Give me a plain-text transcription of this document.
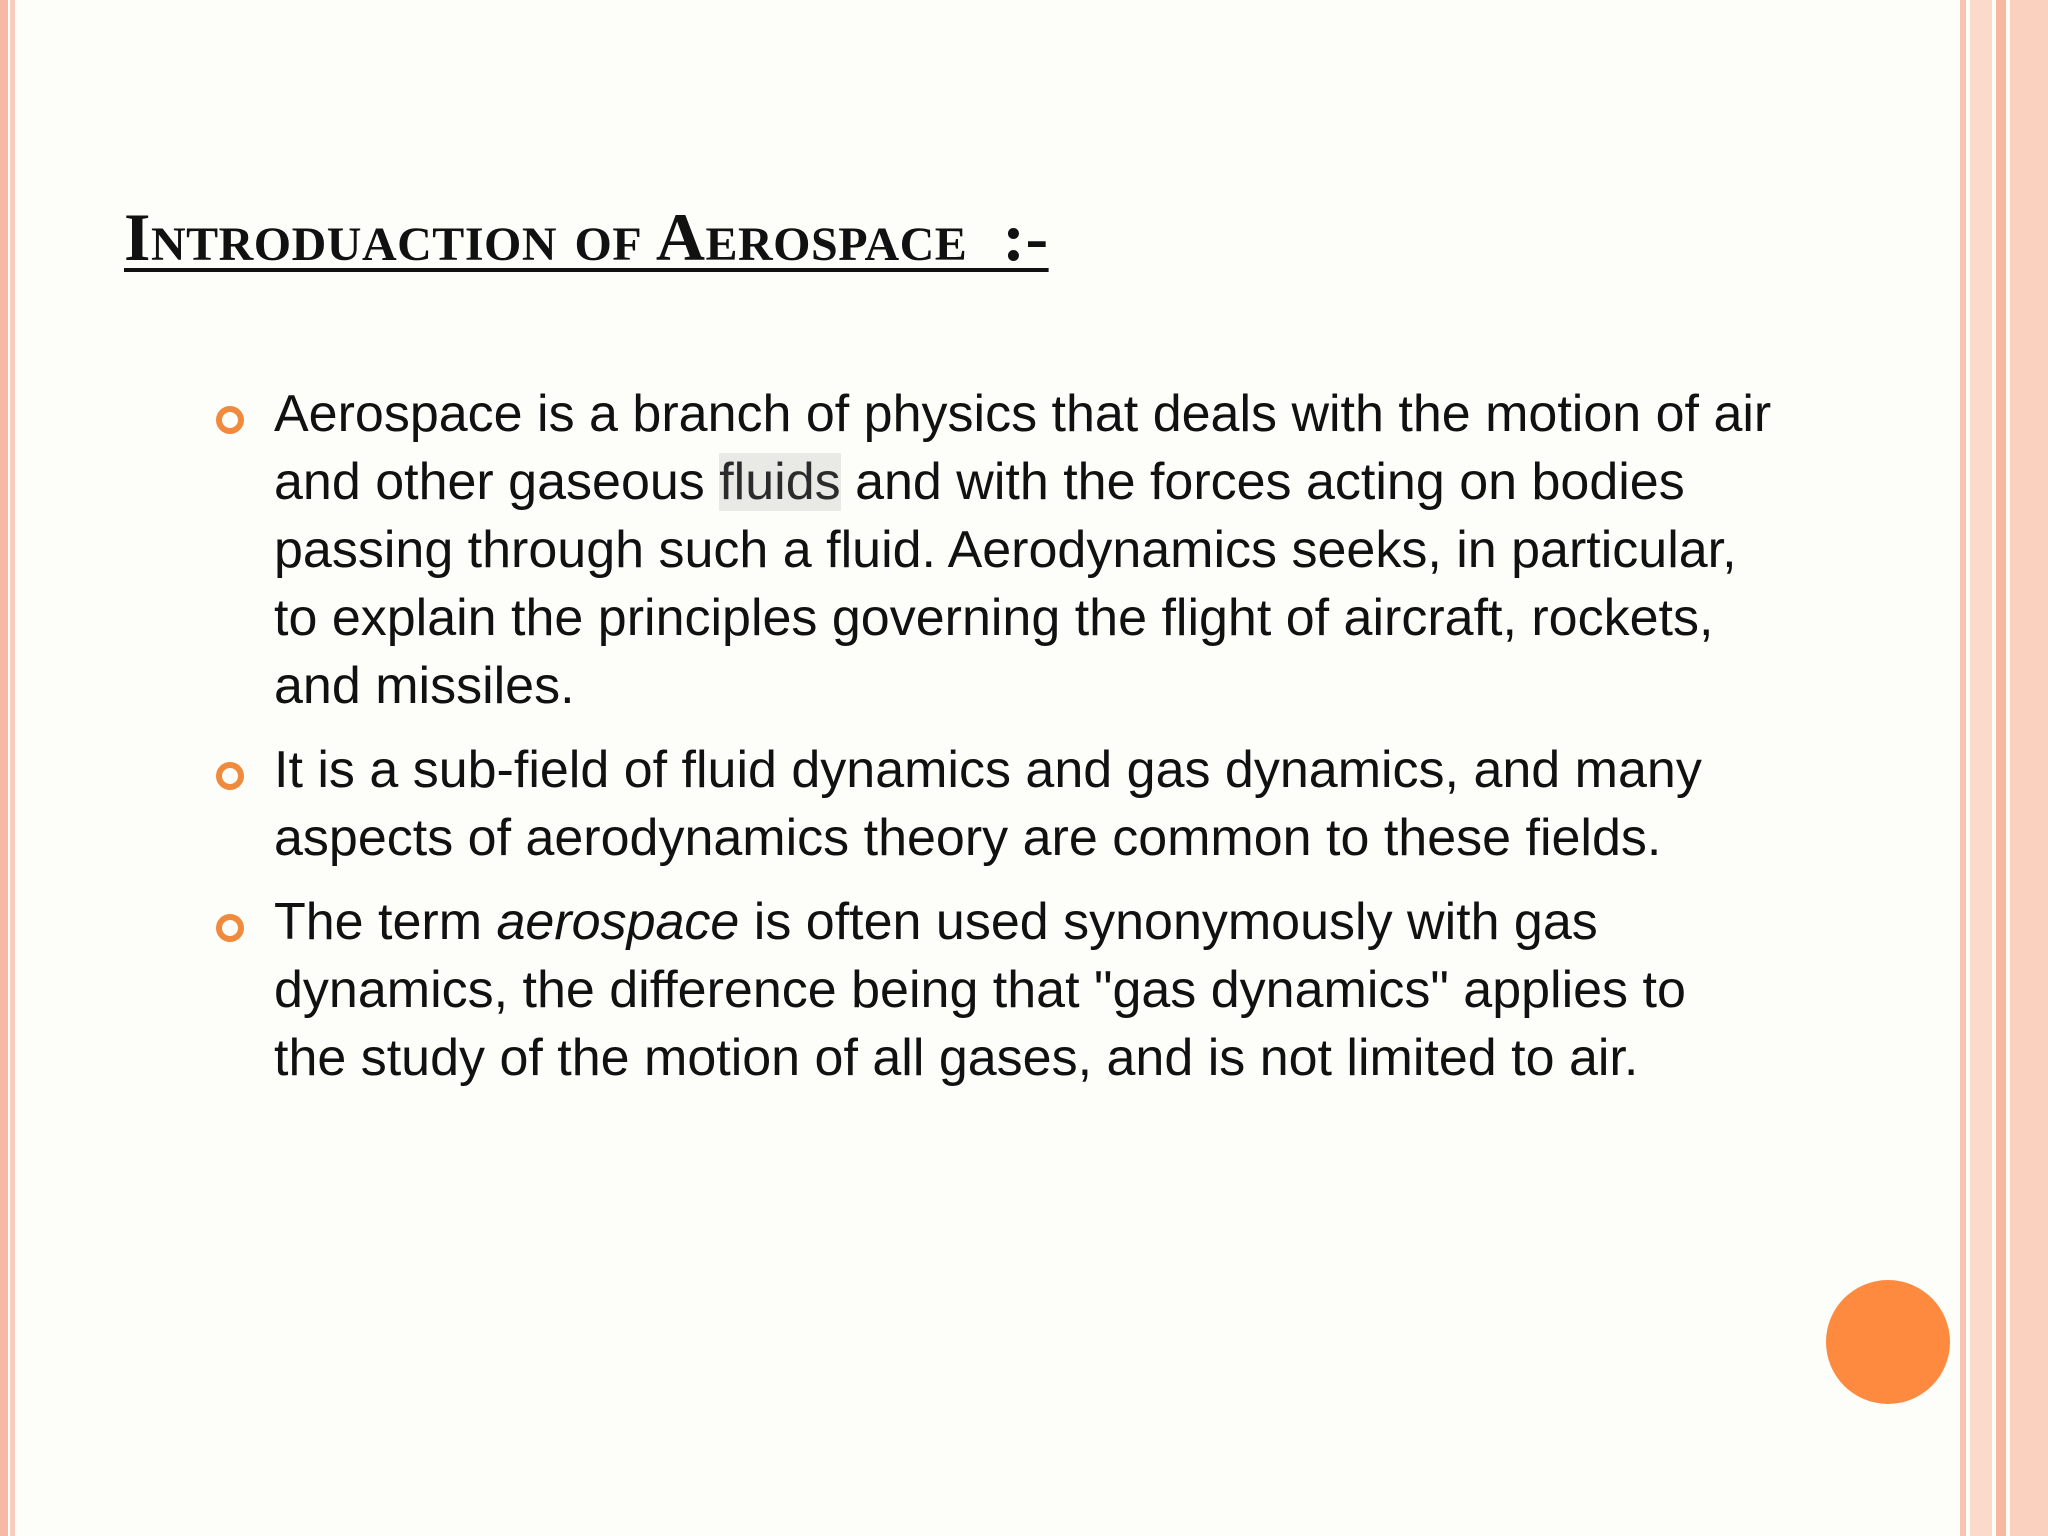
Introduaction of Aerospace  :-
Aerospace is a branch of physics that deals with the motion of air and other gaseous fluids and with the forces acting on bodies passing through such a fluid. Aerodynamics seeks, in particular, to explain the principles governing the flight of aircraft, rockets, and missiles.
It is a sub-field of fluid dynamics and gas dynamics, and many aspects of aerodynamics theory are common to these fields.
The term aerospace is often used synonymously with gas dynamics, the difference being that "gas dynamics" applies to the study of the motion of all gases, and is not limited to air.
